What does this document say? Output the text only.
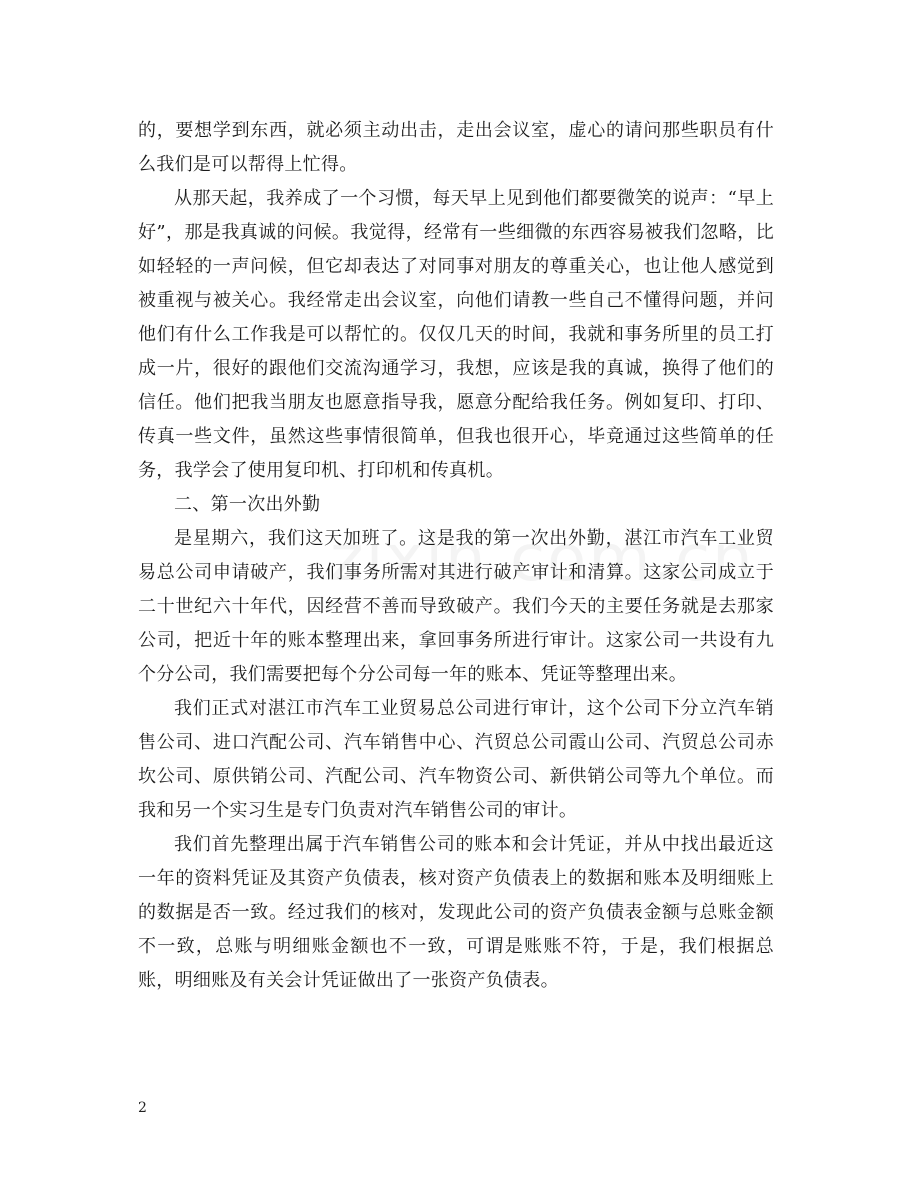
的，要想学到东西，就必须主动出击，走出会议室，虚心的请问那些职员有什么我们是可以帮得上忙得。

从那天起，我养成了一个习惯，每天早上见到他们都要微笑的说声：“早上好”，那是我真诚的问候。我觉得，经常有一些细微的东西容易被我们忽略，比如轻轻的一声问候，但它却表达了对同事对朋友的尊重关心，也让他人感觉到被重视与被关心。我经常走出会议室，向他们请教一些自己不懂得问题，并问他们有什么工作我是可以帮忙的。仅仅几天的时间，我就和事务所里的员工打成一片，很好的跟他们交流沟通学习，我想，应该是我的真诚，换得了他们的信任。他们把我当朋友也愿意指导我，愿意分配给我任务。例如复印、打印、传真一些文件，虽然这些事情很简单，但我也很开心，毕竟通过这些简单的任务，我学会了使用复印机、打印机和传真机。

二、第一次出外勤

是星期六，我们这天加班了。这是我的第一次出外勤，湛江市汽车工业贸易总公司申请破产，我们事务所需对其进行破产审计和清算。这家公司成立于二十世纪六十年代，因经营不善而导致破产。我们今天的主要任务就是去那家公司，把近十年的账本整理出来，拿回事务所进行审计。这家公司一共设有九个分公司，我们需要把每个分公司每一年的账本、凭证等整理出来。

我们正式对湛江市汽车工业贸易总公司进行审计，这个公司下分立汽车销售公司、进口汽配公司、汽车销售中心、汽贸总公司霞山公司、汽贸总公司赤坎公司、原供销公司、汽配公司、汽车物资公司、新供销公司等九个单位。而我和另一个实习生是专门负责对汽车销售公司的审计。

我们首先整理出属于汽车销售公司的账本和会计凭证，并从中找出最近这一年的资料凭证及其资产负债表，核对资产负债表上的数据和账本及明细账上的数据是否一致。经过我们的核对，发现此公司的资产负债表金额与总账金额不一致，总账与明细账金额也不一致，可谓是账账不符，于是，我们根据总账，明细账及有关会计凭证做出了一张资产负债表。

2
